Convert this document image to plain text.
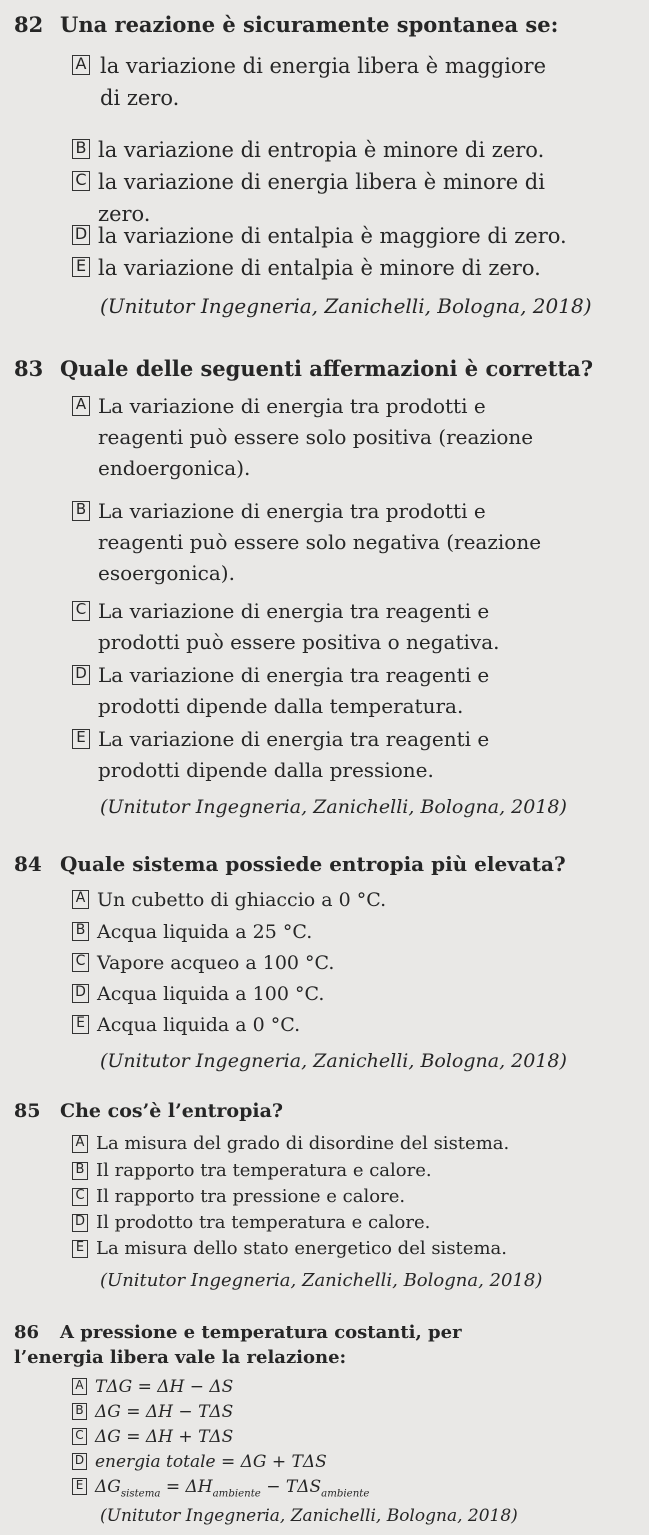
82 Una reazione è sicuramente spontanea se:
A la variazione di energia libera è maggiore di zero.
B la variazione di entropia è minore di zero.
C la variazione di energia libera è minore di zero.
D la variazione di entalpia è maggiore di zero.
E la variazione di entalpia è minore di zero.
(Unitutor Ingegneria, Zanichelli, Bologna, 2018)
83 Quale delle seguenti affermazioni è corretta?
A La variazione di energia tra prodotti e reagenti può essere solo positiva (reazione endoergonica).
B La variazione di energia tra prodotti e reagenti può essere solo negativa (reazione esoergonica).
C La variazione di energia tra reagenti e prodotti può essere positiva o negativa.
D La variazione di energia tra reagenti e prodotti dipende dalla temperatura.
E La variazione di energia tra reagenti e prodotti dipende dalla pressione.
(Unitutor Ingegneria, Zanichelli, Bologna, 2018)
84 Quale sistema possiede entropia più elevata?
A Un cubetto di ghiaccio a 0 °C.
B Acqua liquida a 25 °C.
C Vapore acqueo a 100 °C.
D Acqua liquida a 100 °C.
E Acqua liquida a 0 °C.
(Unitutor Ingegneria, Zanichelli, Bologna, 2018)
85 Che cos’è l’entropia?
A La misura del grado di disordine del sistema.
B Il rapporto tra temperatura e calore.
C Il rapporto tra pressione e calore.
D Il prodotto tra temperatura e calore.
E La misura dello stato energetico del sistema.
(Unitutor Ingegneria, Zanichelli, Bologna, 2018)
86 A pressione e temperatura costanti, per l’energia libera vale la relazione:
A TΔG = ΔH − ΔS
B ΔG = ΔH − TΔS
C ΔG = ΔH + TΔS
D energia totale = ΔG + TΔS
E $\Delta G_{sistema} = \Delta H_{ambiente} - T\Delta S_{ambiente}$
(Unitutor Ingegneria, Zanichelli, Bologna, 2018)
